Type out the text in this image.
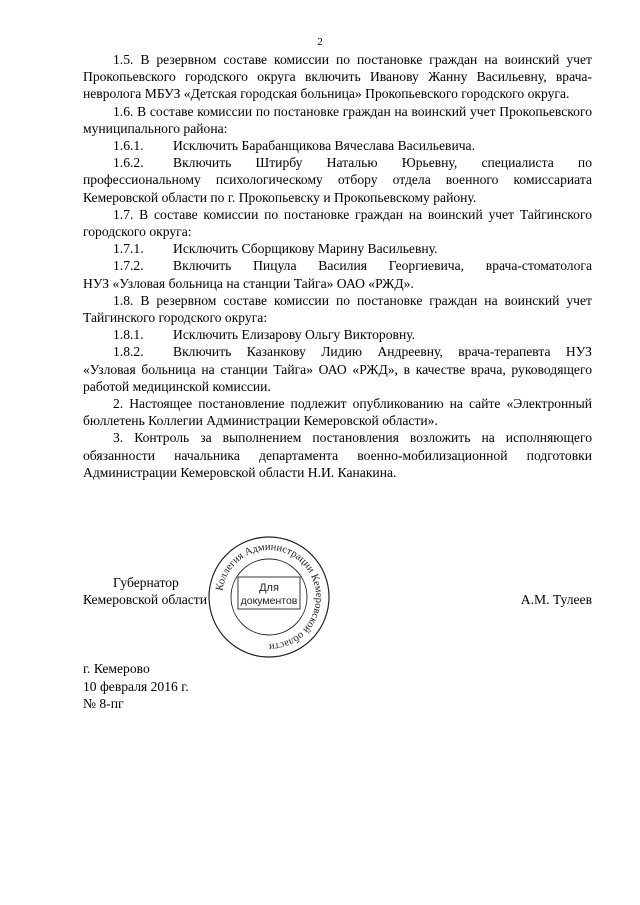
2

1.5. В резервном составе комиссии по постановке граждан на воинский учет Прокопьевского городского округа включить Иванову Жанну Васильевну, врача-невролога МБУЗ «Детская городская больница» Прокопьевского городского округа.

1.6. В составе комиссии по постановке граждан на воинский учет Прокопьевского муниципального района:

1.6.1.	Исключить Барабанщикова Вячеслава Васильевича.
1.6.2.	Включить Штирбу Наталью Юрьевну, специалиста по

профессиональному психологическому отбору отдела военного комиссариата Кемеровской области по г. Прокопьевску и Прокопьевскому району.

1.7. В составе комиссии по постановке граждан на воинский учет Тайгинского городского округа:

1.7.1.	Исключить Сборщикову Марину Васильевну.
1.7.2.	Включить Пицула Василия Георгиевича, врача-стоматолога

НУЗ «Узловая больница на станции Тайга» ОАО «РЖД».

1.8. В резервном составе комиссии по постановке граждан на воинский учет Тайгинского городского округа:

1.8.1.	Исключить Елизарову Ольгу Викторовну.
1.8.2.	Включить Казанкову Лидию Андреевну, врача-терапевта НУЗ

«Узловая больница на станции Тайга» ОАО «РЖД», в качестве врача, руководящего работой медицинской комиссии.

2. Настоящее постановление подлежит опубликованию на сайте «Электронный бюллетень Коллегии Администрации Кемеровской области».

3. Контроль за выполнением постановления возложить на исполняющего обязанности начальника департамента военно-мобилизационной подготовки Администрации Кемеровской области Н.И. Канакина.

Коллегия Администрации Кемеровской области
Для
документов
Губернатор
Кемеровской области	А.М. Тулеев
г. Кемерово
10 февраля 2016 г.
№ 8-пг
